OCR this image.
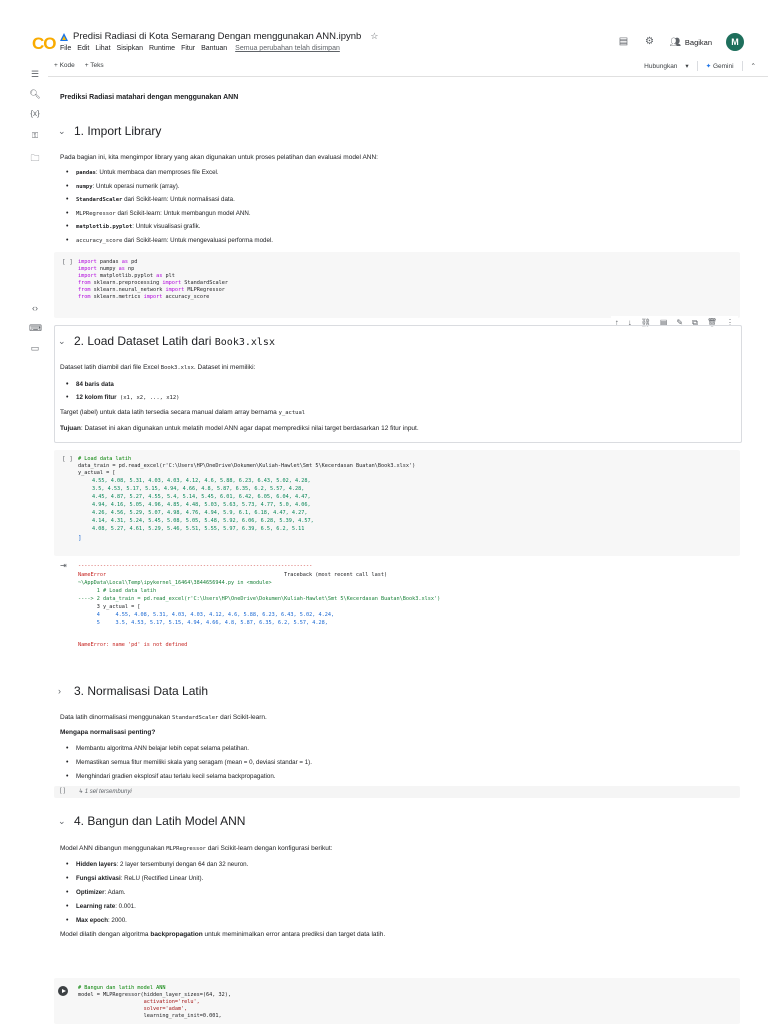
CO Predisi Radiasi di Kota Semarang Dengan menggunakan ANN.ipynb ☆
File Edit Lihat Sisipkan Runtime Fitur Bantuan Semua perubahan telah disimpan
▤ ⚙ 👥︎ Bagikan	M
+ Kode + Teks	Hubungkan ▾	✦ Gemini	⌃
☰
🔍︎
{x}
⚿
🗀
‹›
⌨
▭
Prediksi Radiasi matahari dengan menggunakan ANN
⌄ 1. Import Library
Pada bagian ini, kita mengimpor library yang akan digunakan untuk proses pelatihan dan evaluasi model ANN:
• pandas: Untuk membaca dan memproses file Excel.
• numpy: Untuk operasi numerik (array).
• StandardScaler dari Scikit-learn: Untuk normalisasi data.
• MLPRegressor dari Scikit-learn: Untuk membangun model ANN.
• matplotlib.pyplot: Untuk visualisasi grafik.
• accuracy_score dari Scikit-learn: Untuk mengevaluasi performa model.
[ ] import pandas as pd
import numpy as np
import matplotlib.pyplot as plt
from sklearn.preprocessing import StandardScaler
from sklearn.neural_network import MLPRegressor
from sklearn.metrics import accuracy_score
↑ ↓ ⛓ ▤ ✎ ⧉ 🗑︎ ⋮
⌄ 2. Load Dataset Latih dari Book3.xlsx
Dataset latih diambil dari file Excel Book3.xlsx. Dataset ini memiliki:
• 84 baris data
• 12 kolom fitur (x1, x2, ..., x12)
Target (label) untuk data latih tersedia secara manual dalam array bernama y_actual
Tujuan: Dataset ini akan digunakan untuk melatih model ANN agar dapat memprediksi nilai target berdasarkan 12 fitur input.
[ ] # Load data latih
data_train = pd.read_excel(r'C:\Users\HP\OneDrive\Dokumen\Kuliah-Hawlet\Smt 5\Kecerdasan Buatan\Book3.xlsx')
y_actual = [
4.55, 4.08, 5.31, 4.03, 4.03, 4.12, 4.6, 5.88, 6.23, 6.43, 5.02, 4.28,
3.5, 4.53, 5.17, 5.15, 4.94, 4.66, 4.8, 5.87, 6.35, 6.2, 5.57, 4.28,
4.45, 4.87, 5.27, 4.55, 5.4, 5.14, 5.45, 6.01, 6.42, 6.05, 6.04, 4.47,
4.94, 4.16, 5.05, 4.96, 4.85, 4.48, 5.03, 5.63, 5.73, 4.77, 5.0, 4.06,
4.26, 4.56, 5.29, 5.07, 4.98, 4.76, 4.94, 5.9, 6.1, 6.18, 4.47, 4.27,
4.14, 4.31, 5.24, 5.45, 5.08, 5.05, 5.48, 5.92, 6.06, 6.28, 5.39, 4.57,
4.08, 5.27, 4.61, 5.29, 5.46, 5.51, 5.55, 5.97, 6.39, 6.5, 6.2, 5.11
]
⇥ ---------------------------------------------------------------------------
NameError	Traceback (most recent call last)
~\AppData\Local\Temp\ipykernel_16464\3844656944.py in <module>
1 # Load data latih
----> 2 data_train = pd.read_excel(r'C:\Users\HP\OneDrive\Dokumen\Kuliah-Hawlet\Smt 5\Kecerdasan Buatan\Book3.xlsx')
3 y_actual = [
4     4.55, 4.08, 5.31, 4.03, 4.03, 4.12, 4.6, 5.88, 6.23, 6.43, 5.02, 4.24,
5     3.5, 4.53, 5.17, 5.15, 4.94, 4.66, 4.8, 5.87, 6.35, 6.2, 5.57, 4.28,
NameError: name 'pd' is not defined
›	3. Normalisasi Data Latih
Data latih dinormalisasi menggunakan StandardScaler dari Scikit-learn.
Mengapa normalisasi penting?
• Membantu algoritma ANN belajar lebih cepat selama pelatihan.
• Memastikan semua fitur memiliki skala yang seragam (mean = 0, deviasi standar = 1).
• Menghindari gradien eksplosif atau terlalu kecil selama backpropagation.
[ ] ↳ 1 sel tersembunyi
⌄ 4. Bangun dan Latih Model ANN
Model ANN dibangun menggunakan MLPRegressor dari Scikit-learn dengan konfigurasi berikut:
• Hidden layers: 2 layer tersembunyi dengan 64 dan 32 neuron.
• Fungsi aktivasi: ReLU (Rectified Linear Unit).
• Optimizer: Adam.
• Learning rate: 0.001.
• Max epoch: 2000.
Model dilatih dengan algoritma backpropagation untuk meminimalkan error antara prediksi dan target data latih.
# Bangun dan latih model ANN
model = MLPRegressor(hidden_layer_sizes=(64, 32),
activation='relu',
solver='adam',
learning_rate_init=0.001,
